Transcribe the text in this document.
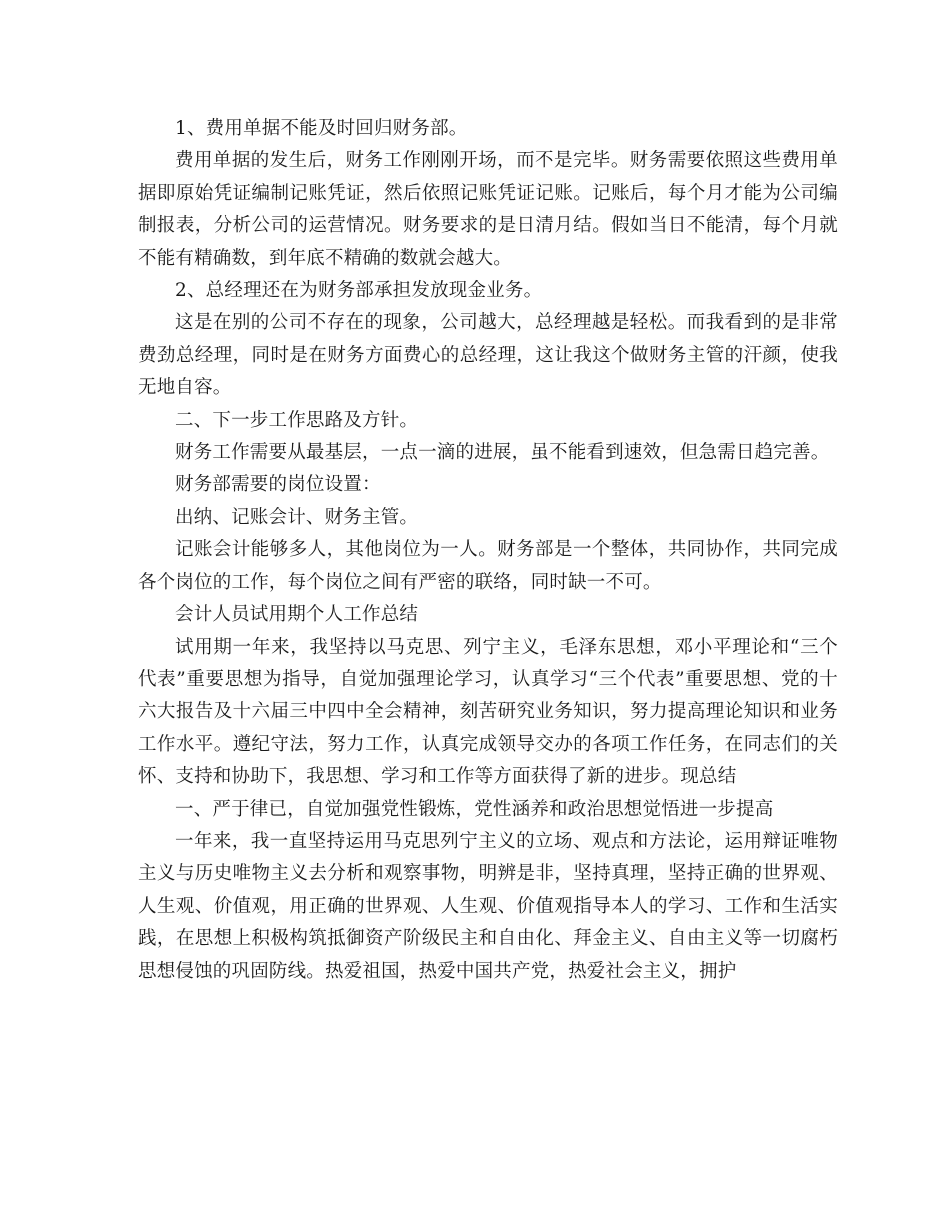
1、费用单据不能及时回归财务部。

费用单据的发生后，财务工作刚刚开场，而不是完毕。财务需要依照这些费用单据即原始凭证编制记账凭证，然后依照记账凭证记账。记账后，每个月才能为公司编制报表，分析公司的运营情况。财务要求的是日清月结。假如当日不能清，每个月就不能有精确数，到年底不精确的数就会越大。

2、总经理还在为财务部承担发放现金业务。

这是在别的公司不存在的现象，公司越大，总经理越是轻松。而我看到的是非常费劲总经理，同时是在财务方面费心的总经理，这让我这个做财务主管的汗颜，使我无地自容。

二、下一步工作思路及方针。

财务工作需要从最基层，一点一滴的进展，虽不能看到速效，但急需日趋完善。

财务部需要的岗位设置：

出纳、记账会计、财务主管。

记账会计能够多人，其他岗位为一人。财务部是一个整体，共同协作，共同完成各个岗位的工作，每个岗位之间有严密的联络，同时缺一不可。

会计人员试用期个人工作总结

试用期一年来，我坚持以马克思、列宁主义，毛泽东思想，邓小平理论和“三个代表”重要思想为指导，自觉加强理论学习，认真学习“三个代表”重要思想、党的十六大报告及十六届三中四中全会精神，刻苦研究业务知识，努力提高理论知识和业务工作水平。遵纪守法，努力工作，认真完成领导交办的各项工作任务，在同志们的关怀、支持和协助下，我思想、学习和工作等方面获得了新的进步。现总结

一、严于律已，自觉加强党性锻炼，党性涵养和政治思想觉悟进一步提高

一年来，我一直坚持运用马克思列宁主义的立场、观点和方法论，运用辩证唯物主义与历史唯物主义去分析和观察事物，明辨是非，坚持真理，坚持正确的世界观、人生观、价值观，用正确的世界观、人生观、价值观指导本人的学习、工作和生活实践，在思想上积极构筑抵御资产阶级民主和自由化、拜金主义、自由主义等一切腐朽思想侵蚀的巩固防线。热爱祖国，热爱中国共产党，热爱社会主义，拥护
